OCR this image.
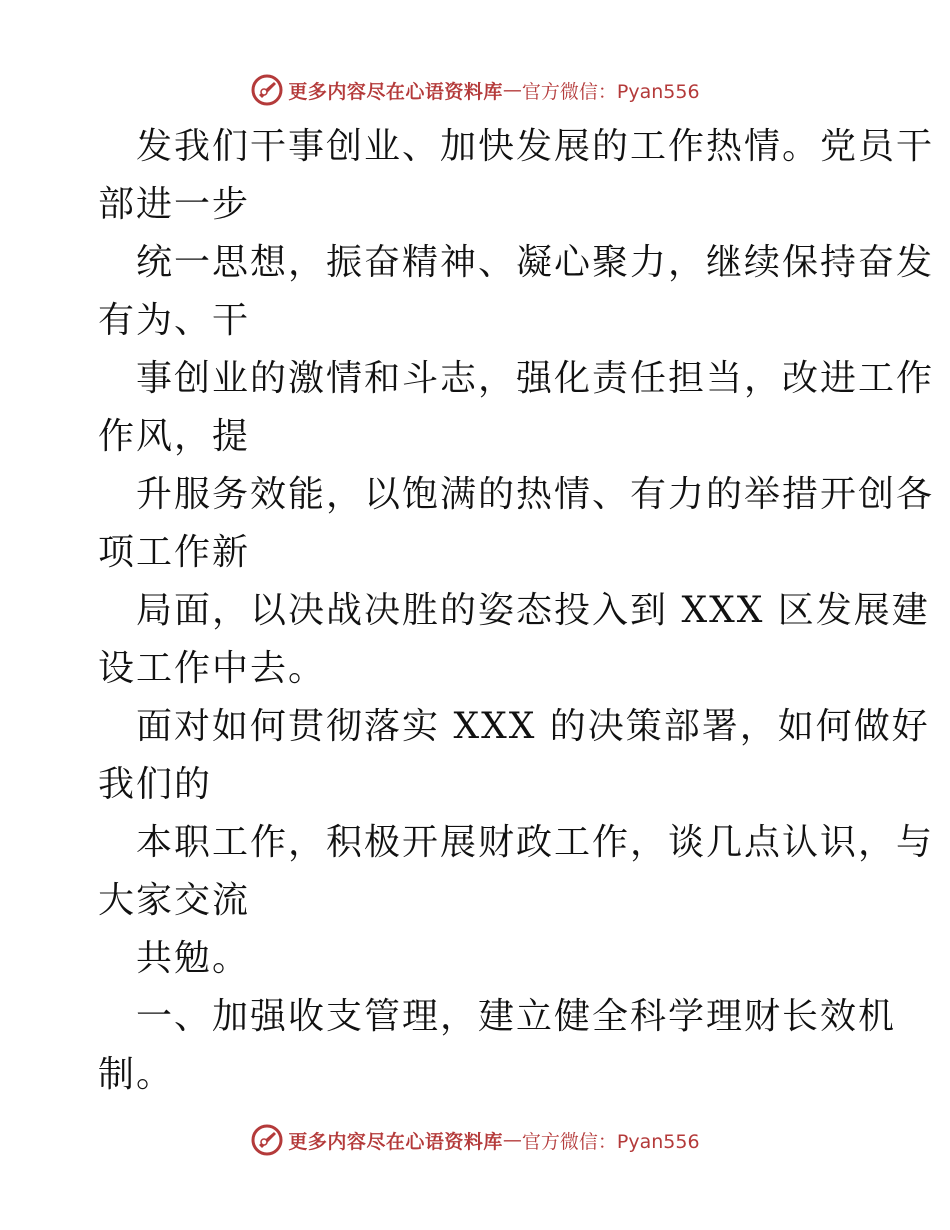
更多内容尽在心语资料库 — 官方微信：Pyan556
发我们干事创业、加快发展的工作热情。党员干
部进一步
统一思想，振奋精神、凝心聚力，继续保持奋发
有为、干
事创业的激情和斗志，强化责任担当，改进工作
作风，提
升服务效能，以饱满的热情、有力的举措开创各
项工作新
局面，以决战决胜的姿态投入到 XXX 区发展建
设工作中去。
面对如何贯彻落实 XXX 的决策部署，如何做好
我们的
本职工作，积极开展财政工作，谈几点认识，与
大家交流
共勉。
一、加强收支管理，建立健全科学理财长效机
制。
更多内容尽在心语资料库 — 官方微信：Pyan556
